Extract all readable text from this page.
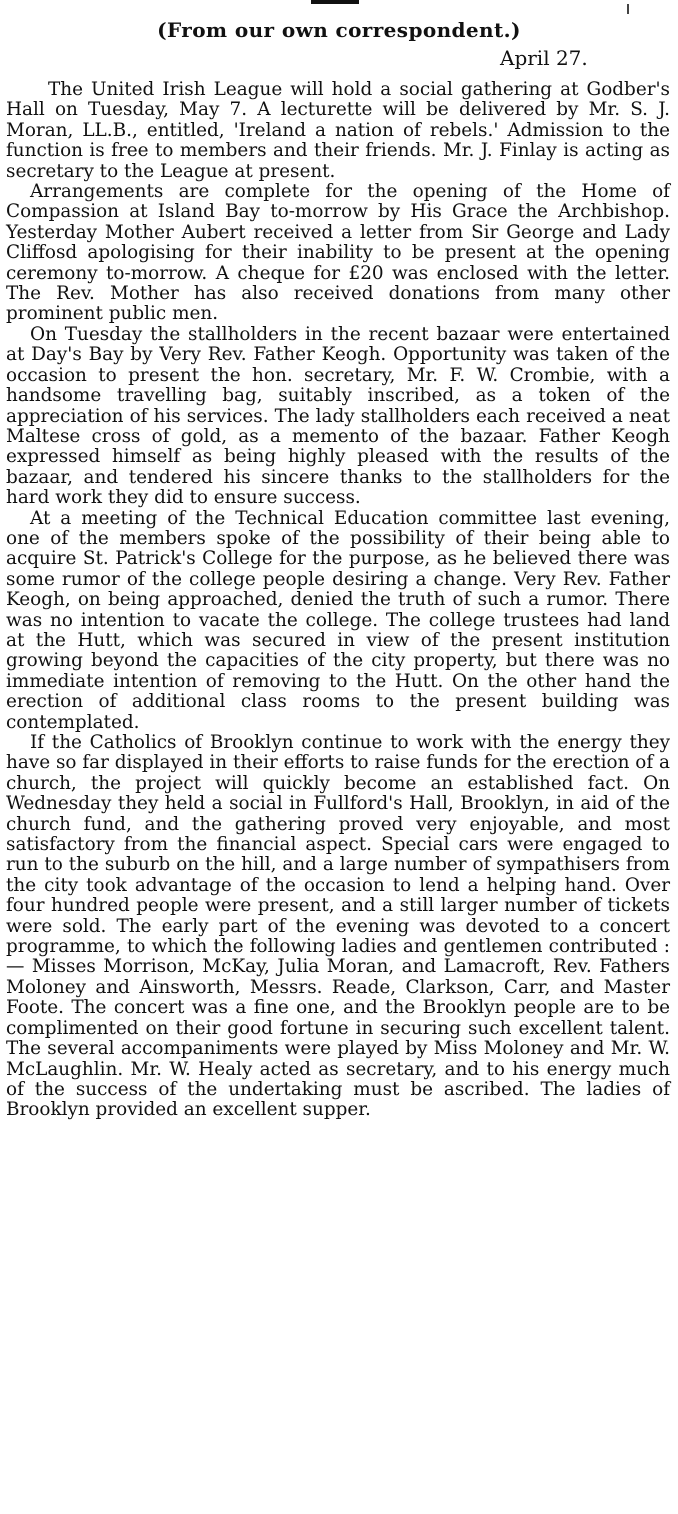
(From our own correspondent.)
April 27.

The United Irish League will hold a social gathering at Godber's Hall on Tuesday, May 7. A lecturette will be delivered by Mr. S. J. Moran, LL.B., entitled, 'Ireland a nation of rebels.' Admission to the function is free to members and their friends. Mr. J. Finlay is acting as secretary to the League at present.

Arrangements are complete for the opening of the Home of Compassion at Island Bay to-morrow by His Grace the Archbishop. Yesterday Mother Aubert received a letter from Sir George and Lady Cliffosd apologising for their inability to be present at the opening ceremony to-morrow. A cheque for £20 was enclosed with the letter. The Rev. Mother has also received donations from many other prominent public men.

On Tuesday the stallholders in the recent bazaar were entertained at Day's Bay by Very Rev. Father Keogh. Opportunity was taken of the occasion to present the hon. secretary, Mr. F. W. Crombie, with a handsome travelling bag, suitably inscribed, as a token of the appreciation of his services. The lady stallholders each received a neat Maltese cross of gold, as a memento of the bazaar. Father Keogh expressed himself as being highly pleased with the results of the bazaar, and tendered his sincere thanks to the stallholders for the hard work they did to ensure success.

At a meeting of the Technical Education committee last evening, one of the members spoke of the possibility of their being able to acquire St. Patrick's College for the purpose, as he believed there was some rumor of the college people desiring a change. Very Rev. Father Keogh, on being approached, denied the truth of such a rumor. There was no intention to vacate the college. The college trustees had land at the Hutt, which was secured in view of the present institution growing beyond the capacities of the city property, but there was no immediate intention of removing to the Hutt. On the other hand the erection of additional class rooms to the present building was contemplated.

If the Catholics of Brooklyn continue to work with the energy they have so far displayed in their efforts to raise funds for the erection of a church, the project will quickly become an established fact. On Wednesday they held a social in Fullford's Hall, Brooklyn, in aid of the church fund, and the gathering proved very enjoyable, and most satisfactory from the financial aspect. Special cars were engaged to run to the suburb on the hill, and a large number of sympathisers from the city took advantage of the occasion to lend a helping hand. Over four hundred people were present, and a still larger number of tickets were sold. The early part of the evening was devoted to a concert programme, to which the following ladies and gentlemen contributed :— Misses Morrison, McKay, Julia Moran, and Lamacroft, Rev. Fathers Moloney and Ainsworth, Messrs. Reade, Clarkson, Carr, and Master Foote. The concert was a fine one, and the Brooklyn people are to be complimented on their good fortune in securing such excellent talent. The several accompaniments were played by Miss Moloney and Mr. W. McLaughlin. Mr. W. Healy acted as secretary, and to his energy much of the success of the undertaking must be ascribed. The ladies of Brooklyn provided an excellent supper.
